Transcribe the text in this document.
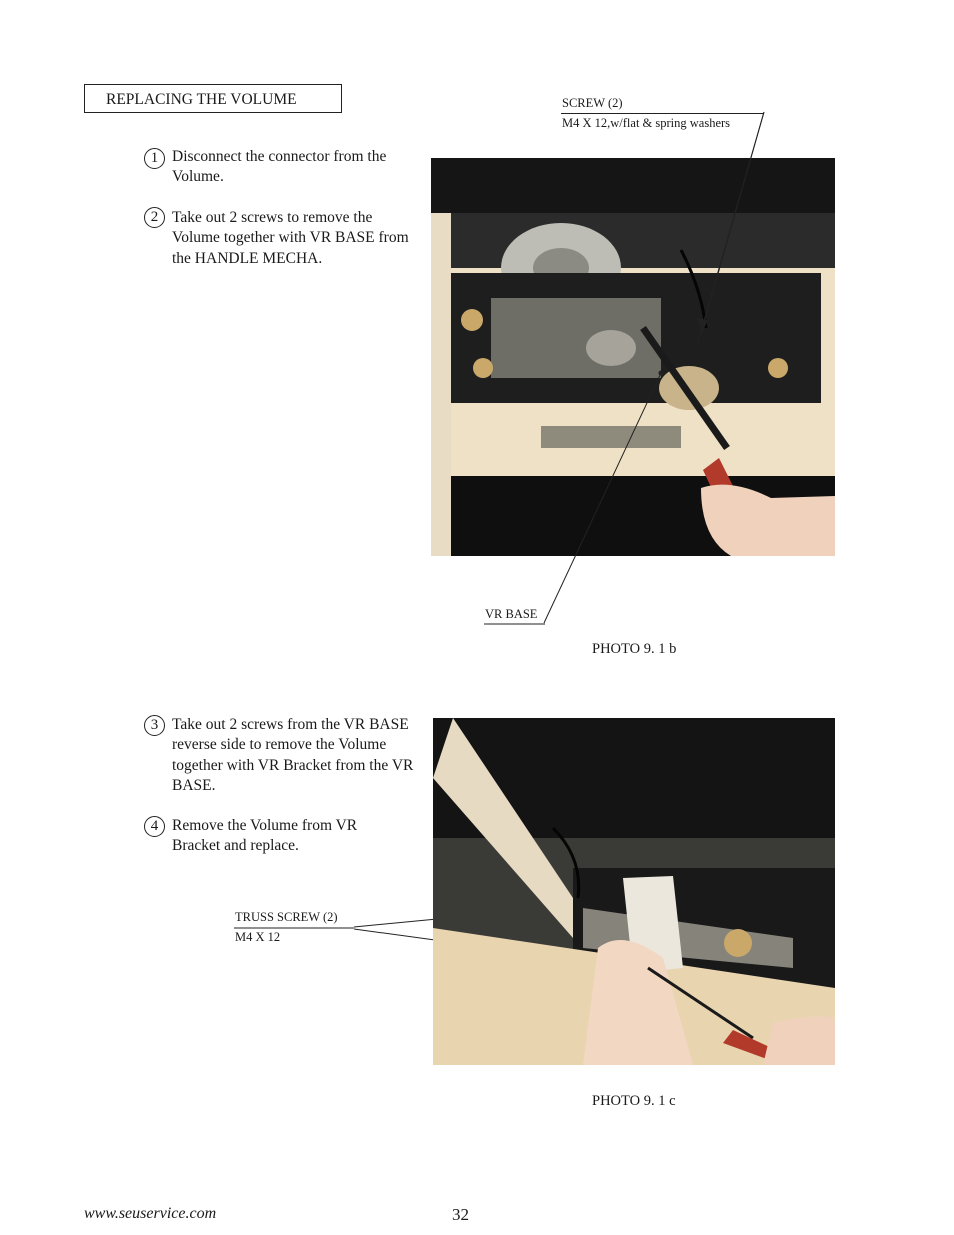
REPLACING THE VOLUME
1 Disconnect the connector from the Volume.
2 Take out 2 screws to remove the Volume together with VR BASE from the HANDLE MECHA.
SCREW (2)
M4 X 12,w/flat & spring washers
VR BASE
PHOTO 9. 1 b
3 Take out 2 screws from the VR BASE reverse side to remove the Volume together with VR Bracket from the VR BASE.
4 Remove the Volume from VR Bracket and replace.
TRUSS SCREW (2)
M4 X 12
PHOTO 9. 1 c
www.seuservice.com	32
